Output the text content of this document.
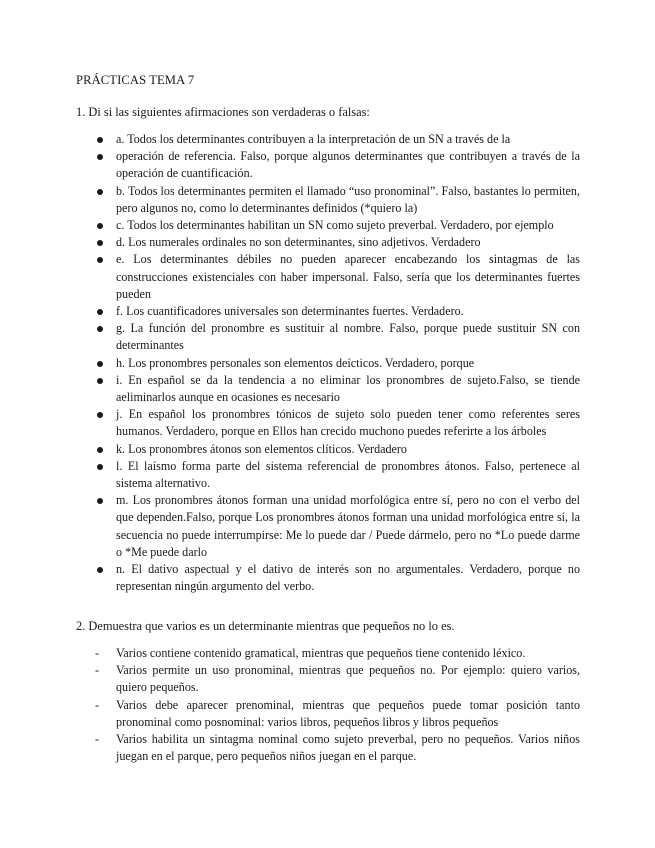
PRÁCTICAS TEMA 7
1. Di si las siguientes afirmaciones son verdaderas o falsas:
a. Todos los determinantes contribuyen a la interpretación de un SN a través de la
operación de referencia. Falso, porque algunos determinantes que contribuyen a través de la operación de cuantificación.
b. Todos los determinantes permiten el llamado “uso pronominal”. Falso, bastantes lo permiten, pero algunos no, como lo determinantes definidos (*quiero la)
c. Todos los determinantes habilitan un SN como sujeto preverbal. Verdadero, por ejemplo
d. Los numerales ordinales no son determinantes, sino adjetivos. Verdadero
e. Los determinantes débiles no pueden aparecer encabezando los sintagmas de las construcciones existenciales con haber impersonal. Falso, sería que los determinantes fuertes pueden
f. Los cuantificadores universales son determinantes fuertes. Verdadero.
g. La función del pronombre es sustituir al nombre. Falso, porque puede sustituir SN con determinantes
h. Los pronombres personales son elementos deícticos. Verdadero, porque
i. En español se da la tendencia a no eliminar los pronombres de sujeto.Falso, se tiende aeliminarlos aunque en ocasiones es necesario
j. En español los pronombres tónicos de sujeto solo pueden tener como referentes seres humanos. Verdadero, porque en Ellos han crecido muchono puedes referirte a los árboles
k. Los pronombres átonos son elementos clíticos. Verdadero
l. El laísmo forma parte del sistema referencial de pronombres átonos. Falso, pertenece al sistema alternativo.
m. Los pronombres átonos forman una unidad morfológica entre sí, pero no con el verbo del que dependen.Falso, porque Los pronombres átonos forman una unidad morfológica entre sí, la secuencia no puede interrumpirse: Me lo puede dar / Puede dármelo, pero no *Lo puede darme o *Me puede darlo
n. El dativo aspectual y el dativo de interés son no argumentales. Verdadero, porque no representan ningún argumento del verbo.
2. Demuestra que varios es un determinante mientras que pequeños no lo es.
- Varios contiene contenido gramatical, mientras que pequeños tiene contenido léxico.
- Varios permite un uso pronominal, mientras que pequeños no. Por ejemplo: quiero varios, quiero pequeños.
- Varios debe aparecer prenominal, mientras que pequeños puede tomar posición tanto pronominal como posnominal: varios libros, pequeños libros y libros pequeños
- Varios habilita un sintagma nominal como sujeto preverbal, pero no pequeños. Varios niños juegan en el parque, pero pequeños niños juegan en el parque.
